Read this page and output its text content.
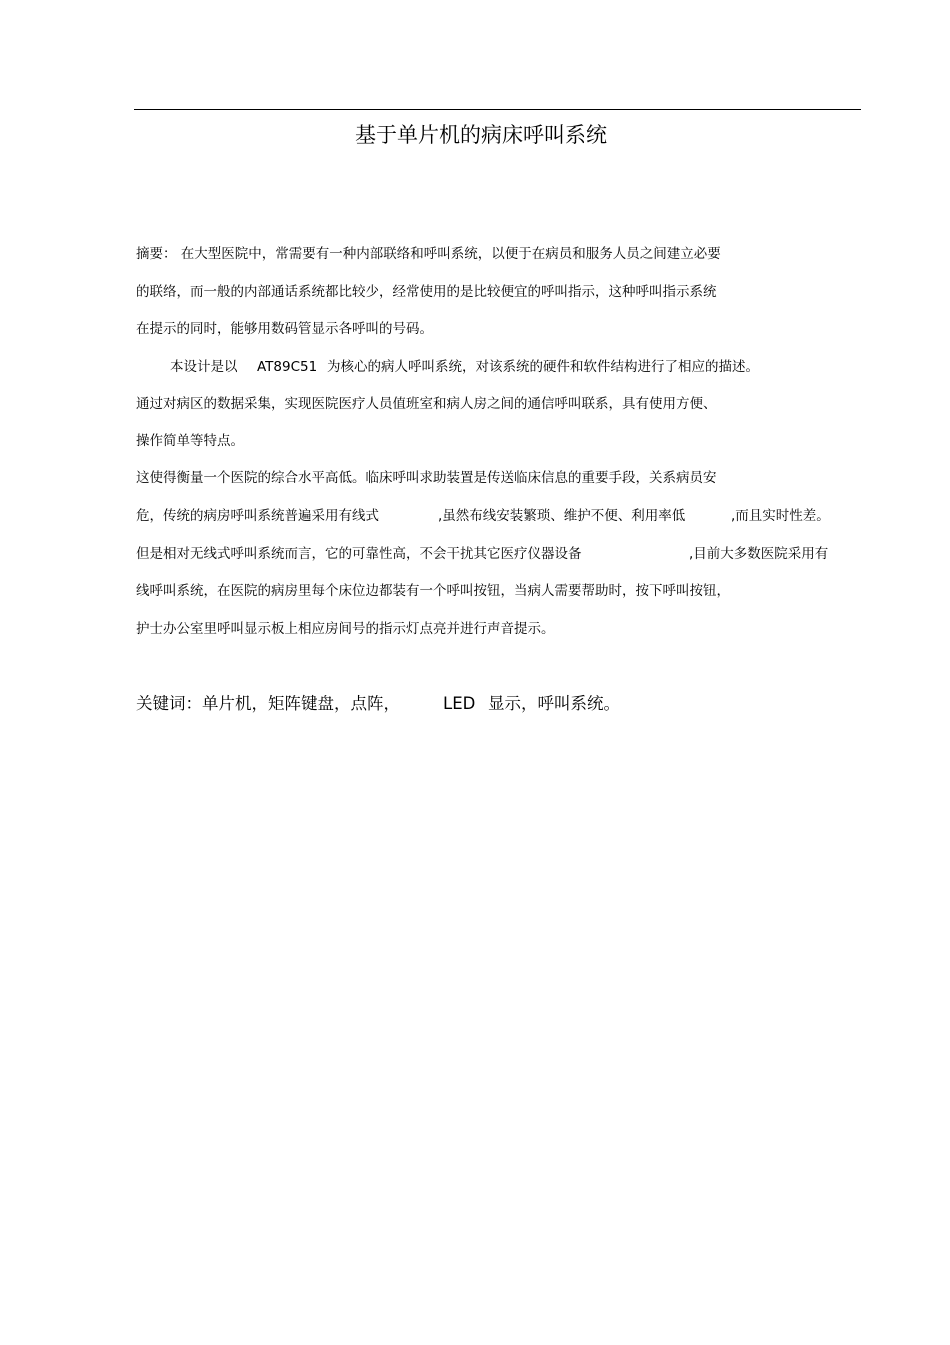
基于单片机的病床呼叫系统
摘要： 在大型医院中，常需要有一种内部联络和呼叫系统，以便于在病员和服务人员之间建立必要
的联络，而一般的内部通话系统都比较少，经常使用的是比较便宜的呼叫指示，这种呼叫指示系统
在提示的同时，能够用数码管显示各呼叫的号码。
本设计是以 AT89C51 为核心的病人呼叫系统，对该系统的硬件和软件结构进行了相应的描述。
通过对病区的数据采集，实现医院医疗人员值班室和病人房之间的通信呼叫联系，具有使用方便、
操作简单等特点。
这使得衡量一个医院的综合水平高低。临床呼叫求助装置是传送临床信息的重要手段，关系病员安
危，传统的病房呼叫系统普遍采用有线式	,虽然布线安装繁琐、维护不便、利用率低	,而且实时性差。
但是相对无线式呼叫系统而言，它的可靠性高，不会干扰其它医疗仪器设备	,目前大多数医院采用有
线呼叫系统，在医院的病房里每个床位边都装有一个呼叫按钮，当病人需要帮助时，按下呼叫按钮，
护士办公室里呼叫显示板上相应房间号的指示灯点亮并进行声音提示。
关键词：单片机，矩阵键盘，点阵，	LED 显示，呼叫系统。
